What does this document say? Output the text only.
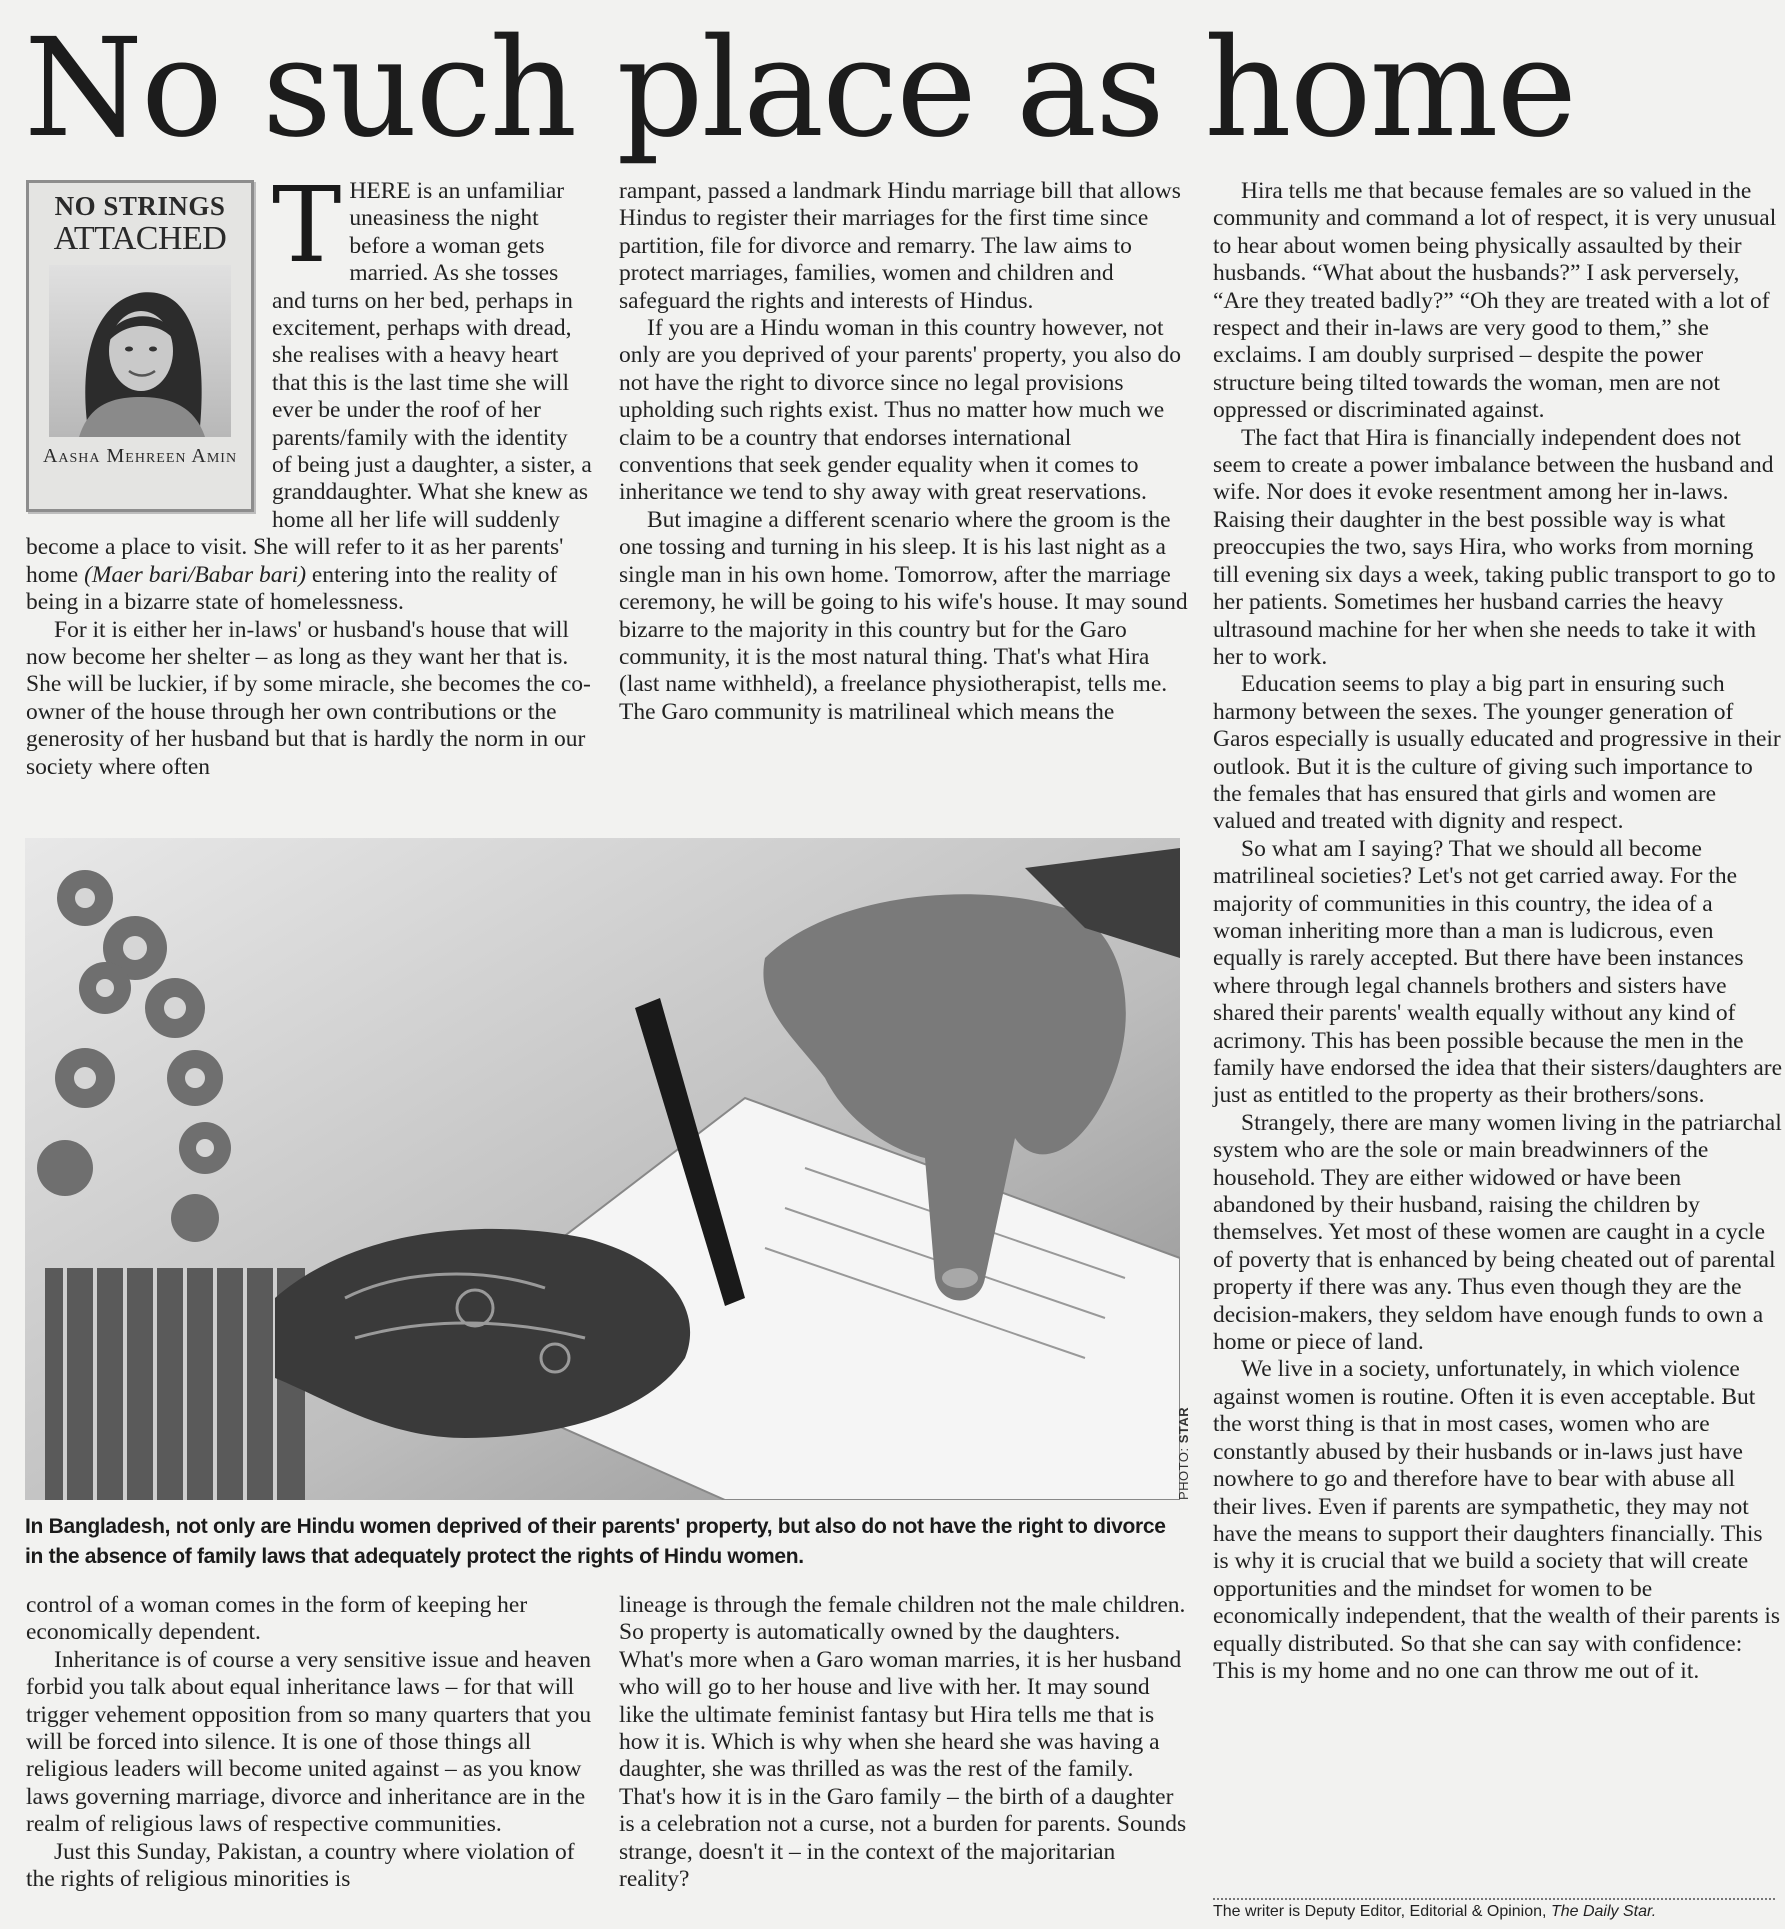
No such place as home
NO STRINGS
ATTACHED
Aasha Mehreen Amin
T HERE is an unfamiliar uneasiness the night before a woman gets married. As she tosses and turns on her bed, perhaps in excitement, perhaps with dread, she realises with a heavy heart that this is the last time she will ever be under the roof of her parents/family with the identity of being just a daughter, a sister, a granddaughter. What she knew as home all her life will suddenly become a place to visit. She will refer to it as her parents' home (Maer bari/Babar bari) entering into the reality of being in a bizarre state of homelessness.

For it is either her in-laws' or husband's house that will now become her shelter – as long as they want her that is. She will be luckier, if by some miracle, she becomes the co-owner of the house through her own contributions or the generosity of her husband but that is hardly the norm in our society where often

rampant, passed a landmark Hindu marriage bill that allows Hindus to register their marriages for the first time since partition, file for divorce and remarry. The law aims to protect marriages, families, women and children and safeguard the rights and interests of Hindus.

If you are a Hindu woman in this country however, not only are you deprived of your parents' property, you also do not have the right to divorce since no legal provisions upholding such rights exist. Thus no matter how much we claim to be a country that endorses international conventions that seek gender equality when it comes to inheritance we tend to shy away with great reservations.

But imagine a different scenario where the groom is the one tossing and turning in his sleep. It is his last night as a single man in his own home. Tomorrow, after the marriage ceremony, he will be going to his wife's house. It may sound bizarre to the majority in this country but for the Garo community, it is the most natural thing. That's what Hira (last name withheld), a freelance physiotherapist, tells me. The Garo community is matrilineal which means the

Hira tells me that because females are so valued in the community and command a lot of respect, it is very unusual to hear about women being physically assaulted by their husbands. “What about the husbands?” I ask perversely, “Are they treated badly?” “Oh they are treated with a lot of respect and their in-laws are very good to them,” she exclaims. I am doubly surprised – despite the power structure being tilted towards the woman, men are not oppressed or discriminated against.

The fact that Hira is financially independent does not seem to create a power imbalance between the husband and wife. Nor does it evoke resentment among her in-laws. Raising their daughter in the best possible way is what preoccupies the two, says Hira, who works from morning till evening six days a week, taking public transport to go to her patients. Sometimes her husband carries the heavy ultrasound machine for her when she needs to take it with her to work.

Education seems to play a big part in ensuring such harmony between the sexes. The younger generation of Garos especially is usually educated and progressive in their outlook. But it is the culture of giving such importance to the females that has ensured that girls and women are valued and treated with dignity and respect.

So what am I saying? That we should all become matrilineal societies? Let's not get carried away. For the majority of communities in this country, the idea of a woman inheriting more than a man is ludicrous, even equally is rarely accepted. But there have been instances where through legal channels brothers and sisters have shared their parents' wealth equally without any kind of acrimony. This has been possible because the men in the family have endorsed the idea that their sisters/daughters are just as entitled to the property as their brothers/sons.

Strangely, there are many women living in the patriarchal system who are the sole or main breadwinners of the household. They are either widowed or have been abandoned by their husband, raising the children by themselves. Yet most of these women are caught in a cycle of poverty that is enhanced by being cheated out of parental property if there was any. Thus even though they are the decision-makers, they seldom have enough funds to own a home or piece of land.

We live in a society, unfortunately, in which violence against women is routine. Often it is even acceptable. But the worst thing is that in most cases, women who are constantly abused by their husbands or in-laws just have nowhere to go and therefore have to bear with abuse all their lives. Even if parents are sympathetic, they may not have the means to support their daughters financially. This is why it is crucial that we build a society that will create opportunities and the mindset for women to be economically independent, that the wealth of their parents is equally distributed. So that she can say with confidence: This is my home and no one can throw me out of it.

PHOTO: STAR
In Bangladesh, not only are Hindu women deprived of their parents' property, but also do not have the right to divorce in the absence of family laws that adequately protect the rights of Hindu women.

control of a woman comes in the form of keeping her economically dependent.

Inheritance is of course a very sensitive issue and heaven forbid you talk about equal inheritance laws – for that will trigger vehement opposition from so many quarters that you will be forced into silence. It is one of those things all religious leaders will become united against – as you know laws governing marriage, divorce and inheritance are in the realm of religious laws of respective communities.

Just this Sunday, Pakistan, a country where violation of the rights of religious minorities is

lineage is through the female children not the male children. So property is automatically owned by the daughters. What's more when a Garo woman marries, it is her husband who will go to her house and live with her. It may sound like the ultimate feminist fantasy but Hira tells me that is how it is. Which is why when she heard she was having a daughter, she was thrilled as was the rest of the family. That's how it is in the Garo family – the birth of a daughter is a celebration not a curse, not a burden for parents. Sounds strange, doesn't it – in the context of the majoritarian reality?

The writer is Deputy Editor, Editorial & Opinion, The Daily Star.
